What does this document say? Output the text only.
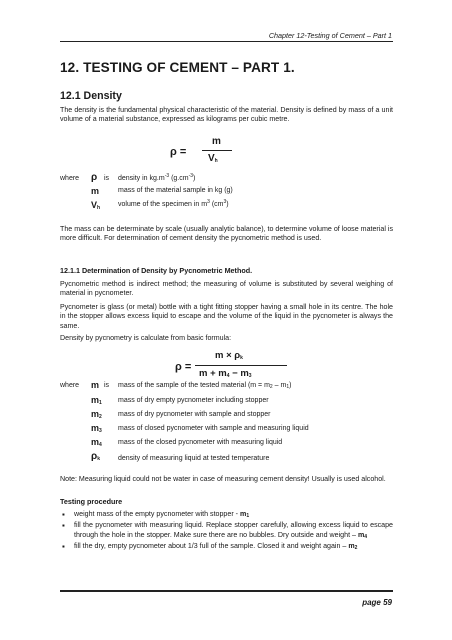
Chapter 12-Testing of Cement – Part 1
12. TESTING OF CEMENT – PART 1.
12.1 Density
The density is the fundamental physical characteristic of the material. Density is defined by mass of a unit volume of a material substance, expressed as kilograms per cubic metre.
ρ =
m
$V_h$
where	is
ρ	density in $kg.m^{-3}$ $(g.cm^{-3})$
m	mass of the material sample in kg (g)
$V_h$	volume of the specimen in $m^3$ $(cm^3)$
The mass can be determinate by scale (usually analytic balance), to determine volume of loose material is more difficult. For determination of cement density the pycnometric method is used.
12.1.1 Determination of Density by Pycnometric Method.
Pycnometric method is indirect method; the measuring of volume is substituted by several weighing of material in pycnometer.
Pycnometer is glass (or metal) bottle with a tight fitting stopper having a small hole in its centre. The hole in the stopper allows excess liquid to escape and the volume of the liquid in the pycnometer is always the same.
Density by pycnometry is calculate from basic formula:
ρ =
$m \times \rho_k$
$m + m_4 - m_3$
where	is
m	mass of the sample of the tested material $(m = m_2 - m_1)$
$m_1$ mass of dry empty pycnometer including stopper
$m_2$ mass of dry pycnometer with sample and stopper
$m_3$ mass of closed pycnometer with sample and measuring liquid
$m_4$ mass of the closed pycnometer with measuring liquid
$\rho_k$	density of measuring liquid at tested temperature
Note: Measuring liquid could not be water in case of measuring cement density! Usually is used alcohol.
Testing procedure
▪ weight mass of the empty pycnometer with stopper - $m_1$
▪ fill the pycnometer with measuring liquid. Replace stopper carefully, allowing excess liquid to escape through the hole in the stopper. Make sure there are no bubbles. Dry outside and weight – $m_4$
▪ fill the dry, empty pycnometer about 1/3 full of the sample. Closed it and weight again – $m_2$
page 59
